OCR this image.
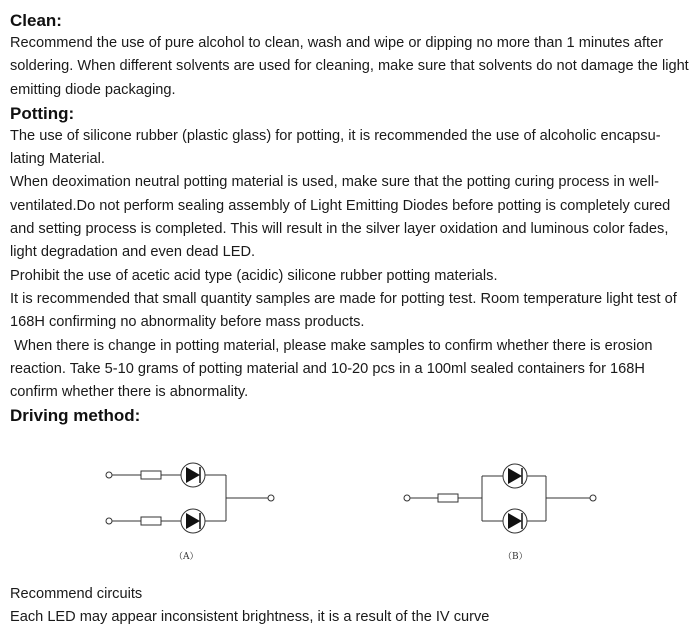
Clean:

Recommend the use of pure alcohol to clean, wash and wipe or dipping no more than 1 minutes after soldering. When different solvents are used for cleaning, make sure that solvents do not damage the light emitting diode packaging.

Potting:

The use of silicone rubber (plastic glass) for potting, it is recommended the use of alcoholic encapsu-lating Material.

When deoximation neutral potting material is used, make sure that the potting curing process in well-ventilated.Do not perform sealing assembly of Light Emitting Diodes before potting is completely cured and setting process is completed. This will result in the silver layer oxidation and luminous color fades, light degradation and even dead LED.

Prohibit the use of acetic acid type (acidic) silicone rubber potting materials.

It is recommended that small quantity samples are made for potting test. Room temperature light test of 168H confirming no abnormality before mass products.

When there is change in potting material, please make samples to confirm whether there is erosion reaction. Take 5-10 grams of potting material and 10-20 pcs in a 100ml sealed containers for 168H confirm whether there is abnormality.

Driving method:
（A）	（B）

Recommend circuits

Each LED may appear inconsistent brightness, it is a result of the IV curve
